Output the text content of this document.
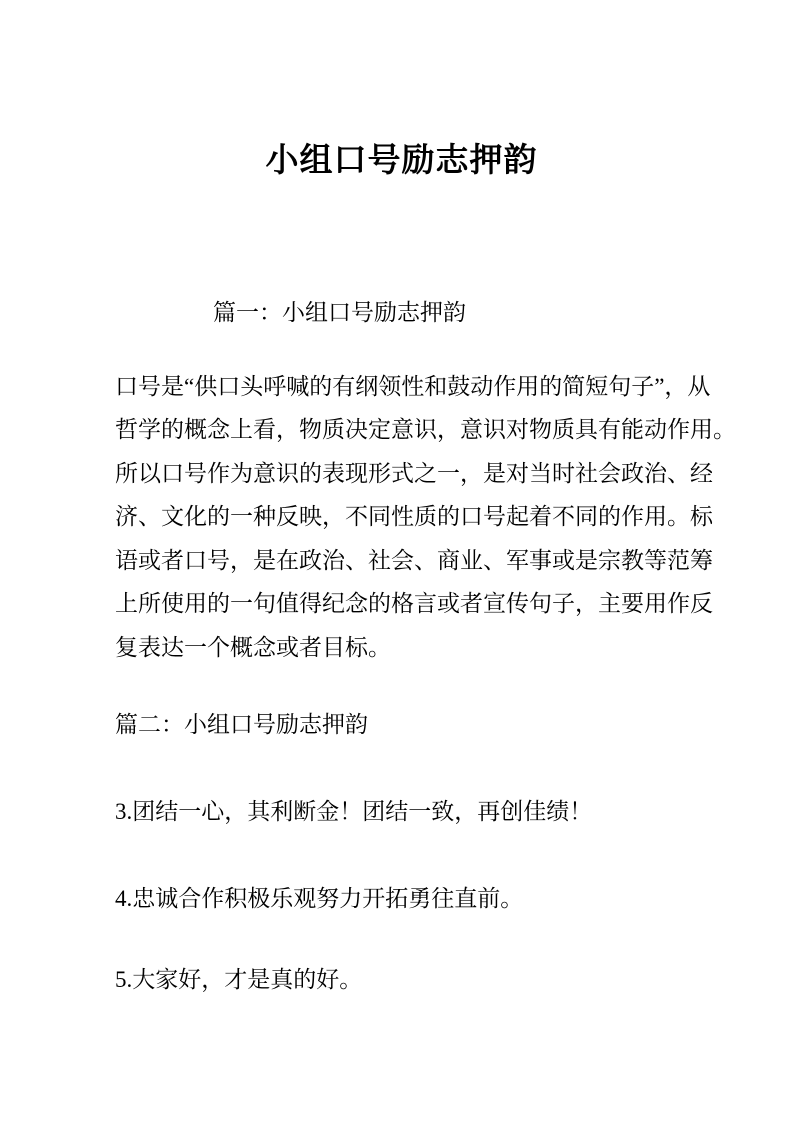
小组口号励志押韵
篇一：小组口号励志押韵
口号是“供口头呼喊的有纲领性和鼓动作用的简短句子”，从
哲学的概念上看，物质决定意识，意识对物质具有能动作用。
所以口号作为意识的表现形式之一，是对当时社会政治、经
济、文化的一种反映，不同性质的口号起着不同的作用。标
语或者口号，是在政治、社会、商业、军事或是宗教等范筹
上所使用的一句值得纪念的格言或者宣传句子，主要用作反
复表达一个概念或者目标。
篇二：小组口号励志押韵
3.团结一心，其利断金！团结一致，再创佳绩！
4.忠诚合作积极乐观努力开拓勇往直前。
5.大家好，才是真的好。
